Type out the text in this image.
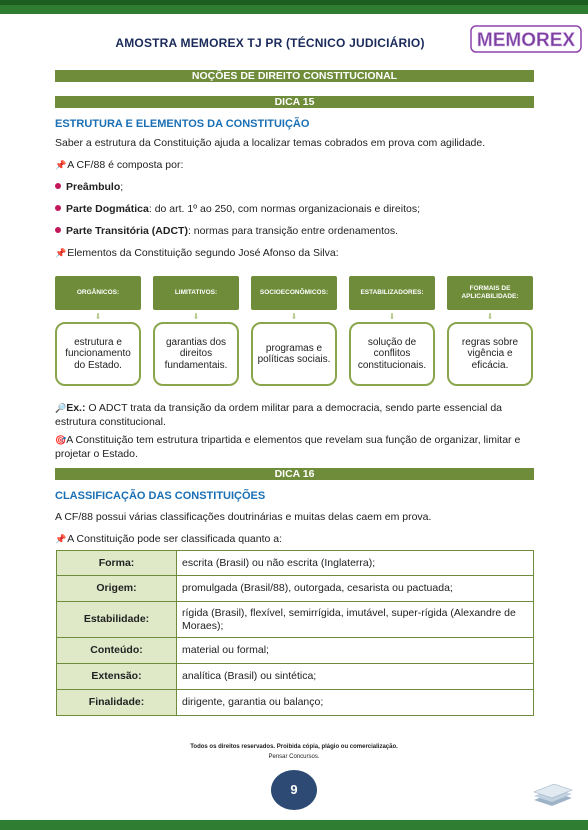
AMOSTRA MEMOREX TJ PR (TÉCNICO JUDICIÁRIO)	MEMOREX
NOÇÕES DE DIREITO CONSTITUCIONAL
DICA 15
ESTRUTURA E ELEMENTOS DA CONSTITUIÇÃO
Saber a estrutura da Constituição ajuda a localizar temas cobrados em prova com agilidade.
📌A CF/88 é composta por:
Preâmbulo;
Parte Dogmática: do art. 1º ao 250, com normas organizacionais e direitos;
Parte Transitória (ADCT): normas para transição entre ordenamentos.
📌Elementos da Constituição segundo José Afonso da Silva:
ORGÂNICOS:
⬇
estrutura e funcionamento do Estado.
LIMITATIVOS:
⬇
garantias dos direitos fundamentais.
SOCIOECONÔMICOS:
⬇
programas e políticas sociais.
ESTABILIZADORES:
⬇
solução de conflitos constitucionais.
FORMAIS DE APLICABILIDADE:
⬇
regras sobre vigência e eficácia.
🔎Ex.: O ADCT trata da transição da ordem militar para a democracia, sendo parte essencial da estrutura constitucional.
🎯A Constituição tem estrutura tripartida e elementos que revelam sua função de organizar, limitar e projetar o Estado.
DICA 16
CLASSIFICAÇÃO DAS CONSTITUIÇÕES
A CF/88 possui várias classificações doutrinárias e muitas delas caem em prova.
📌A Constituição pode ser classificada quanto a:
Forma:	escrita (Brasil) ou não escrita (Inglaterra);
Origem:	promulgada (Brasil/88), outorgada, cesarista ou pactuada;
Estabilidade:	rígida (Brasil), flexível, semirrígida, imutável, super-rígida (Alexandre de Moraes);
Conteúdo:	material ou formal;
Extensão:	analítica (Brasil) ou sintética;
Finalidade:	dirigente, garantia ou balanço;
Todos os direitos reservados. Proibida cópia, plágio ou comercialização.
Pensar Concursos.
9
